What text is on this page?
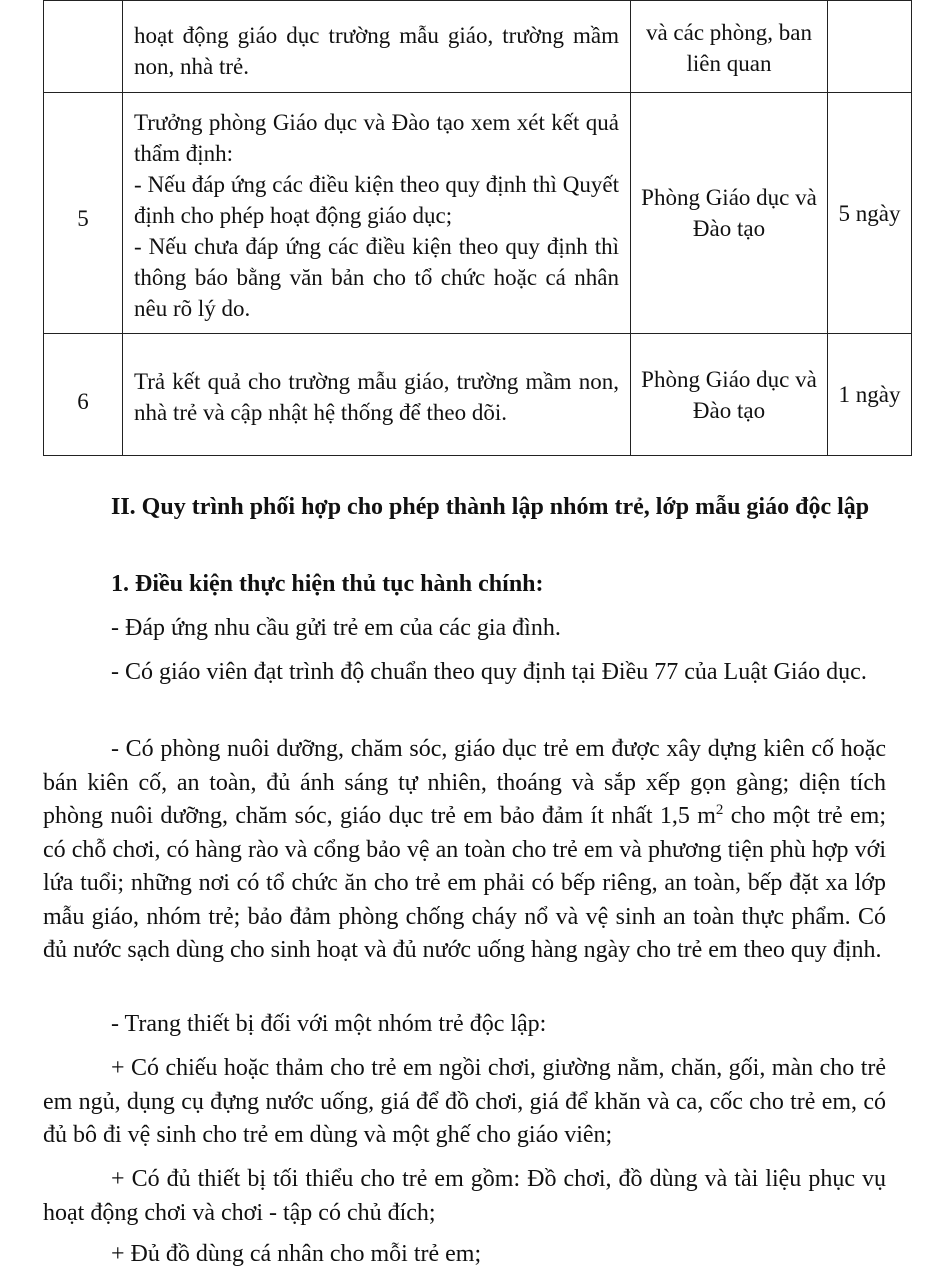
	hoạt động giáo dục trường mẫu giáo, trường mầm non, nhà trẻ.	và các phòng, ban liên quan	

5	Trưởng phòng Giáo dục và Đào tạo xem xét kết quả thẩm định:
- Nếu đáp ứng các điều kiện theo quy định thì Quyết định cho phép hoạt động giáo dục;
- Nếu chưa đáp ứng các điều kiện theo quy định thì thông báo bằng văn bản cho tổ chức hoặc cá nhân nêu rõ lý do.	Phòng Giáo dục và Đào tạo	5 ngày

6	Trả kết quả cho trường mẫu giáo, trường mầm non, nhà trẻ và cập nhật hệ thống để theo dõi.	Phòng Giáo dục và Đào tạo	1 ngày

II. Quy trình phối hợp cho phép thành lập nhóm trẻ, lớp mẫu giáo độc lập

1. Điều kiện thực hiện thủ tục hành chính:

- Đáp ứng nhu cầu gửi trẻ em của các gia đình.

- Có giáo viên đạt trình độ chuẩn theo quy định tại Điều 77 của Luật Giáo dục.

- Có phòng nuôi dưỡng, chăm sóc, giáo dục trẻ em được xây dựng kiên cố hoặc bán kiên cố, an toàn, đủ ánh sáng tự nhiên, thoáng và sắp xếp gọn gàng; diện tích phòng nuôi dưỡng, chăm sóc, giáo dục trẻ em bảo đảm ít nhất 1,5 $m^2$ cho một trẻ em; có chỗ chơi, có hàng rào và cổng bảo vệ an toàn cho trẻ em và phương tiện phù hợp với lứa tuổi; những nơi có tổ chức ăn cho trẻ em phải có bếp riêng, an toàn, bếp đặt xa lớp mẫu giáo, nhóm trẻ; bảo đảm phòng chống cháy nổ và vệ sinh an toàn thực phẩm. Có đủ nước sạch dùng cho sinh hoạt và đủ nước uống hàng ngày cho trẻ em theo quy định.

- Trang thiết bị đối với một nhóm trẻ độc lập:

+ Có chiếu hoặc thảm cho trẻ em ngồi chơi, giường nằm, chăn, gối, màn cho trẻ em ngủ, dụng cụ đựng nước uống, giá để đồ chơi, giá để khăn và ca, cốc cho trẻ em, có đủ bô đi vệ sinh cho trẻ em dùng và một ghế cho giáo viên;

+ Có đủ thiết bị tối thiểu cho trẻ em gồm: Đồ chơi, đồ dùng và tài liệu phục vụ hoạt động chơi và chơi - tập có chủ đích;

+ Đủ đồ dùng cá nhân cho mỗi trẻ em;
